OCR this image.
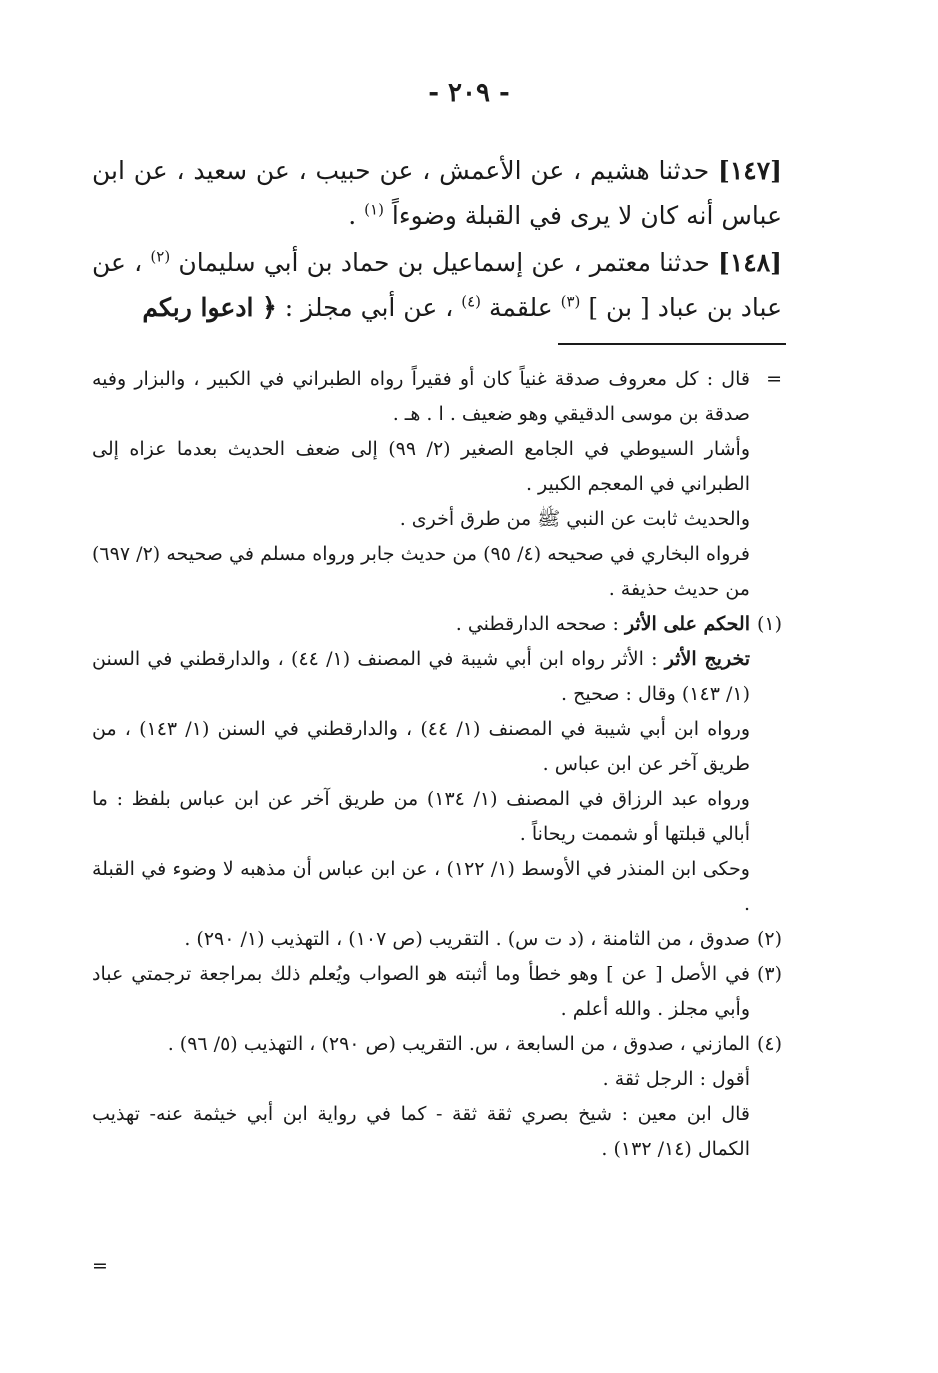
- ٢٠٩ -

[١٤٧] حدثنا هشيم ، عن الأعمش ، عن حبيب ، عن سعيد ، عن ابن عباس أنه كان لا يرى في القبلة وضوءاً $^{(١)}$ .

[١٤٨] حدثنا معتمر ، عن إسماعيل بن حماد بن أبي سليمان $^{(٢)}$ ، عن عباد بن عباد [ بن ] $^{(٣)}$ علقمة $^{(٤)}$ ، عن أبي مجلز : ﴿ ادعوا ربكم

=

قال : كل معروف صدقة غنياً كان أو فقيراً رواه الطبراني في الكبير ، والبزار وفيه صدقة بن موسى الدقيقي وهو ضعيف . ا . هـ .

وأشار السيوطي في الجامع الصغير (٢/ ٩٩) إلى ضعف الحديث بعدما عزاه إلى الطبراني في المعجم الكبير .

والحديث ثابت عن النبي ﷺ من طرق أخرى .

فرواه البخاري في صحيحه (٤/ ٩٥) من حديث جابر ورواه مسلم في صحيحه (٢/ ٦٩٧) من حديث حذيفة .

(١)

الحكم على الأثر : صححه الدارقطني .

تخريج الأثر : الأثر رواه ابن أبي شيبة في المصنف (١/ ٤٤) ، والدارقطني في السنن (١/ ١٤٣) وقال : صحيح .

ورواه ابن أبي شيبة في المصنف (١/ ٤٤) ، والدارقطني في السنن (١/ ١٤٣) ، من طريق آخر عن ابن عباس .

ورواه عبد الرزاق في المصنف (١/ ١٣٤) من طريق آخر عن ابن عباس بلفظ : ما أبالي قبلتها أو شممت ريحاناً .

وحكى ابن المنذر في الأوسط (١/ ١٢٢) ، عن ابن عباس أن مذهبه لا وضوء في القبلة .

(٢)

صدوق ، من الثامنة ، (د ت س) . التقريب (ص ١٠٧) ، التهذيب (١/ ٢٩٠) .

(٣)

في الأصل [ عن ] وهو خطأ وما أثبته هو الصواب ويُعلم ذلك بمراجعة ترجمتي عباد وأبي مجلز . والله أعلم .

(٤)

المازني ، صدوق ، من السابعة ، س. التقريب (ص ٢٩٠) ، التهذيب (٥/ ٩٦) .

أقول : الرجل ثقة .

قال ابن معين : شيخ بصري ثقة ثقة - كما في رواية ابن أبي خيثمة عنه- تهذيب الكمال (١٤/ ١٣٢) .

=
